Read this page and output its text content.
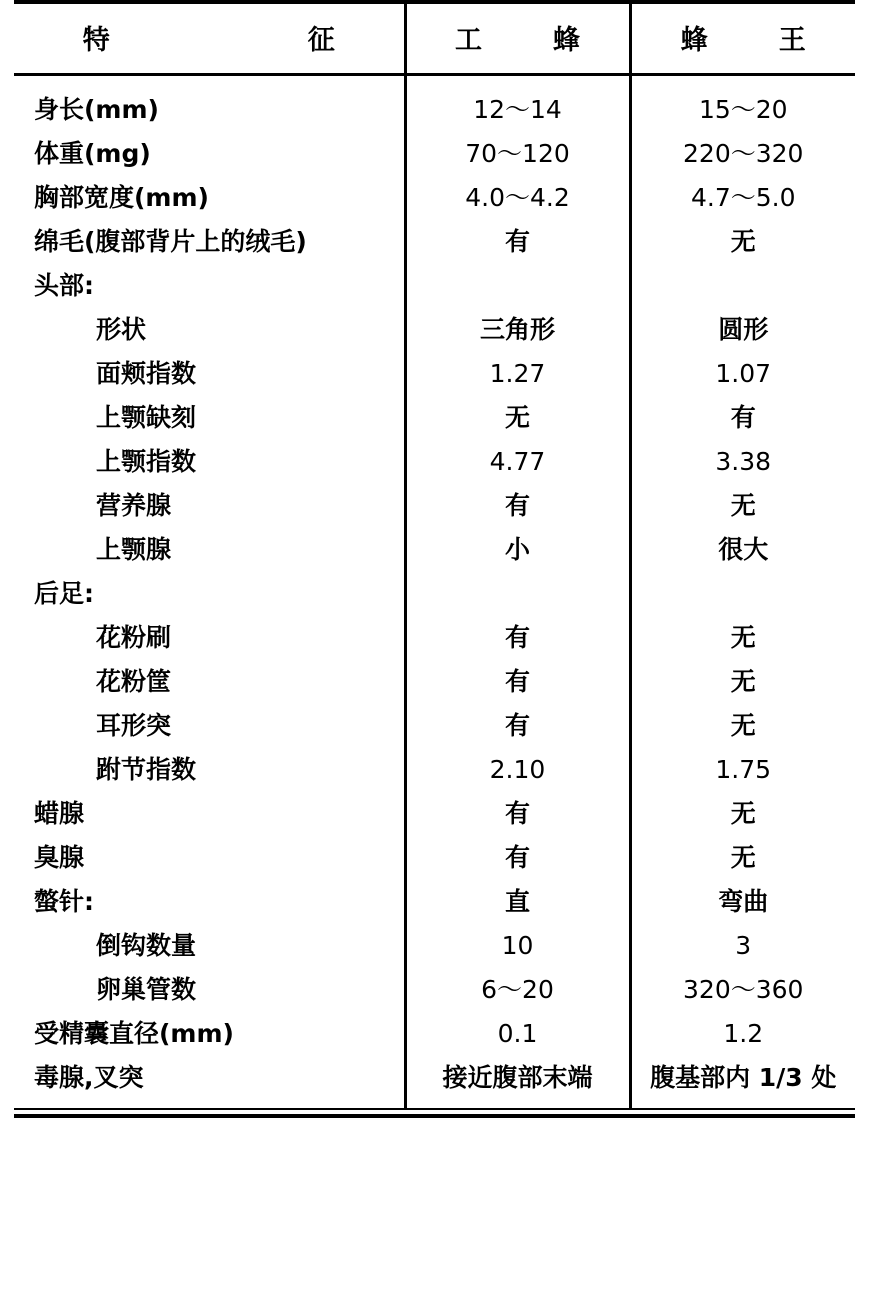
特　　征	工　蜂	蜂　王
身长(mm)	12～14	15～20
体重(mg)	70～120	220～320
胸部宽度(mm)	4.0～4.2	4.7～5.0
绵毛(腹部背片上的绒毛)	有	无
头部:		
形状	三角形	圆形
面颊指数	1.27	1.07
上颚缺刻	无	有
上颚指数	4.77	3.38
营养腺	有	无
上颚腺	小	很大
后足:		
花粉刷	有	无
花粉筐	有	无
耳形突	有	无
跗节指数	2.10	1.75
蜡腺	有	无
臭腺	有	无
螫针:	直	弯曲
倒钩数量	10	3
卵巢管数	6～20	320～360
受精囊直径(mm)	0.1	1.2
毒腺,叉突	接近腹部末端	腹基部内 1/3 处
